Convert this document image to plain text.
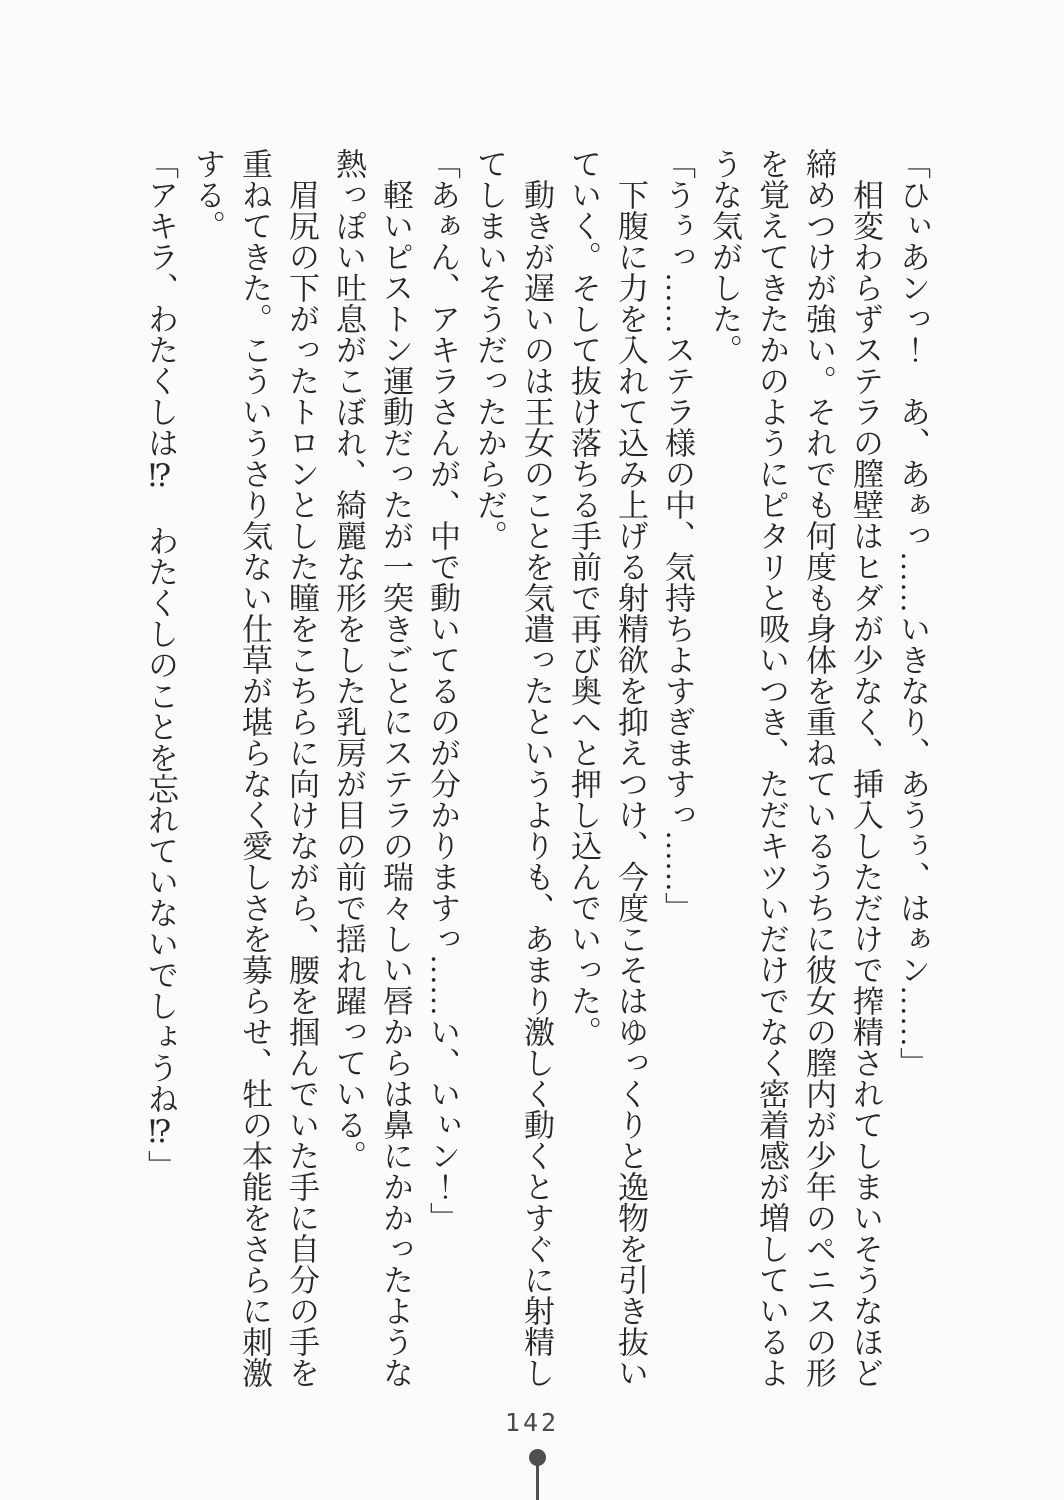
「ひぃあンっ！　あ、あぁっ……いきなり、あうぅ、はぁン……」
　相変わらずステラの膣壁はヒダが少なく、挿入しただけで搾精されてしまいそうなほど
締めつけが強い。それでも何度も身体を重ねているうちに彼女の膣内が少年のペニスの形
を覚えてきたかのようにピタリと吸いつき、ただキツいだけでなく密着感が増しているよ
うな気がした。
「うぅっ……ステラ様の中、気持ちよすぎますっ……」
　下腹に力を入れて込み上げる射精欲を抑えつけ、今度こそはゆっくりと逸物を引き抜い
ていく。そして抜け落ちる手前で再び奥へと押し込んでいった。
　動きが遅いのは王女のことを気遣ったというよりも、あまり激しく動くとすぐに射精し
てしまいそうだったからだ。
「あぁん、アキラさんが、中で動いてるのが分かりますっ……い、いぃン！」
　軽いピストン運動だったが一突きごとにステラの瑞々しい唇からは鼻にかかったような
熱っぽい吐息がこぼれ、綺麗な形をした乳房が目の前で揺れ躍っている。
　眉尻の下がったトロンとした瞳をこちらに向けながら、腰を掴んでいた手に自分の手を
重ねてきた。こういうさり気ない仕草が堪らなく愛しさを募らせ、牡の本能をさらに刺激
する。
「アキラ、わたくしは⁉　わたくしのことを忘れていないでしょうね⁉」
142
